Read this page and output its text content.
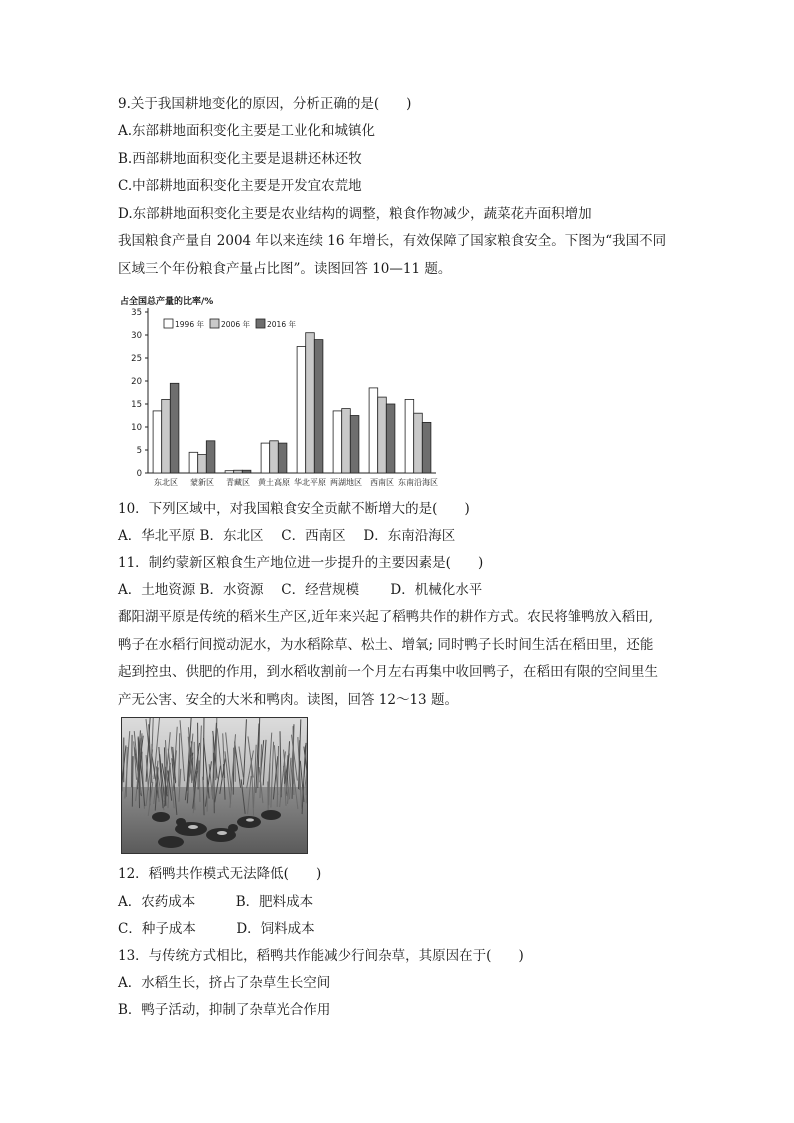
9.关于我国耕地变化的原因，分析正确的是(　　)
A.东部耕地面积变化主要是工业化和城镇化
B.西部耕地面积变化主要是退耕还林还牧
C.中部耕地面积变化主要是开发宜农荒地
D.东部耕地面积变化主要是农业结构的调整，粮食作物减少，蔬菜花卉面积增加
我国粮食产量自 2004 年以来连续 16 年增长，有效保障了国家粮食安全。下图为“我国不同
区域三个年份粮食产量占比图”。读图回答 10—11 题。
占全国总产量的比率/%
0
5
10
15
20
25
30
35
东北区 蒙新区 青藏区 黄土高原 华北平原 两湖地区 西南区 东南沿海区
1996 年 2006 年 2016 年
10．下列区域中，对我国粮食安全贡献不断增大的是(　　)
A．华北平原 B．东北区　 C．西南区　 D．东南沿海区
11．制约蒙新区粮食生产地位进一步提升的主要因素是(　　)
A．土地资源 B．水资源　 C．经营规模　　 D．机械化水平
鄱阳湖平原是传统的稻米生产区,近年来兴起了稻鸭共作的耕作方式。农民将雏鸭放入稻田,
鸭子在水稻行间搅动泥水，为水稻除草、松土、增氧; 同时鸭子长时间生活在稻田里，还能
起到控虫、供肥的作用，到水稻收割前一个月左右再集中收回鸭子，在稻田有限的空间里生
产无公害、安全的大米和鸭肉。读图，回答 12～13 题。
12．稻鸭共作模式无法降低(　　)
A．农药成本　　　B．肥料成本
C．种子成本　　　D．饲料成本
13．与传统方式相比，稻鸭共作能减少行间杂草，其原因在于(　　)
A．水稻生长，挤占了杂草生长空间
B．鸭子活动，抑制了杂草光合作用
